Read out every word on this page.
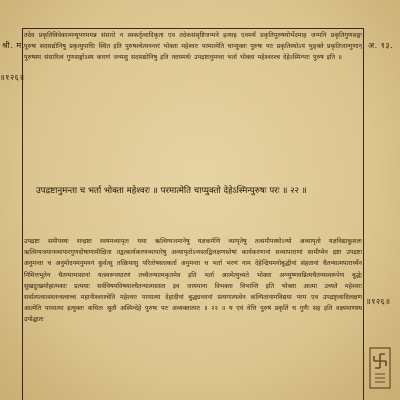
श्री. म.
॥१२६॥
अ. १३.
॥१२६॥

तदेव प्रकृतिविवेकात्मन्यूपगमयन्न संसारो न स्वकर्तृत्वादिकृता एव तदेकसंसृष्टिजन्मने इत्याह एवमर्थं प्रकृतिपुरुषयोर्भेदमाह जन्मनि प्रकृतिगुणसङ्गः पुरुषः सदसद्योनिषु प्रकृत्युपाधिः स्थित इति पुरुषश्चेत्यनन्तरं भोक्ता महेश्वरः परमात्मेति चाप्युक्तः पुरुषः परः प्रकृतिस्थोऽयं भुङ्क्ते प्रकृतिजान्गुणान् पुरुषस्य संसारित्वं गुणसङ्गोऽस्य कारणं जन्मसु सदसद्योनिषु इति तदयमर्थः उपद्रष्टानुमन्ता भर्ता भोक्ता महेश्वरश्च देहेऽस्मिन्परः पुरुष इति ॥

उपद्रष्टानुमन्ता च भर्ता भोक्ता महेश्वरः ॥ परमात्मेति चाप्युक्तो देहेऽस्मिन्पुरुषः परः ॥ २२ ॥

उपद्रष्टा समीपस्थः सन्द्रष्टा स्वयमव्यापृतः यथा ऋत्विग्यजमानेषु यज्ञकर्मणि व्यापृतेषु तत्समीपस्थोऽन्यो अव्यापृतो यज्ञविद्याकुशलः ऋत्विग्यजमानव्यापारगुणदोषाणामीक्षिता तद्वत्कार्यकरणव्यापारेषु अव्यापृतोऽन्यस्तद्विलक्षणस्तेषां कार्यकरणानां सव्यापाराणां सामीप्येन द्रष्टा उपद्रष्टा अनुमन्ता च अनुमोदनमनुमननं कुर्वत्सु तत्क्रियासु परितोषस्तत्कर्ता अनुमन्ता च भर्ता भरणं नाम देहेन्द्रियमनोबुद्धीनां संहतानां चैतन्यात्मपारार्थ्येन निमित्तभूतेन चैतन्याभासानां यत्स्वरूपधारणं तच्चैतन्यात्मकृतमेव इति भर्ता आत्मेत्युच्यते भोक्ता अग्न्युष्णवन्नित्यचैतन्यस्वरूपेण बुद्धेः सुखदुःखमोहात्मकाः प्रत्ययाः सर्वविषयविषयाश्चैतन्यात्मग्रस्ता इव जायमाना विभक्ता विभान्ति इति भोक्ता आत्मा उच्यते महेश्वरः सर्वात्मत्वात्स्वतन्त्रत्वाच्च महानीश्वरश्चेति महेश्वरः परमात्मा देहादीनां बुद्ध्यन्तानां प्रत्यगात्मत्वेन कल्पितानामविद्यया परम एव उपद्रष्टृत्वादिलक्षण आत्मेति परमात्मा इत्युक्तः कथितः श्रुतौ अस्मिन्देहे पुरुषः परः अव्यक्तात्परः ॥ २२ ॥ य एवं वेत्ति पुरुषं प्रकृतिं च गुणैः सह इति वक्ष्यमाणस्य उपोद्घातः
